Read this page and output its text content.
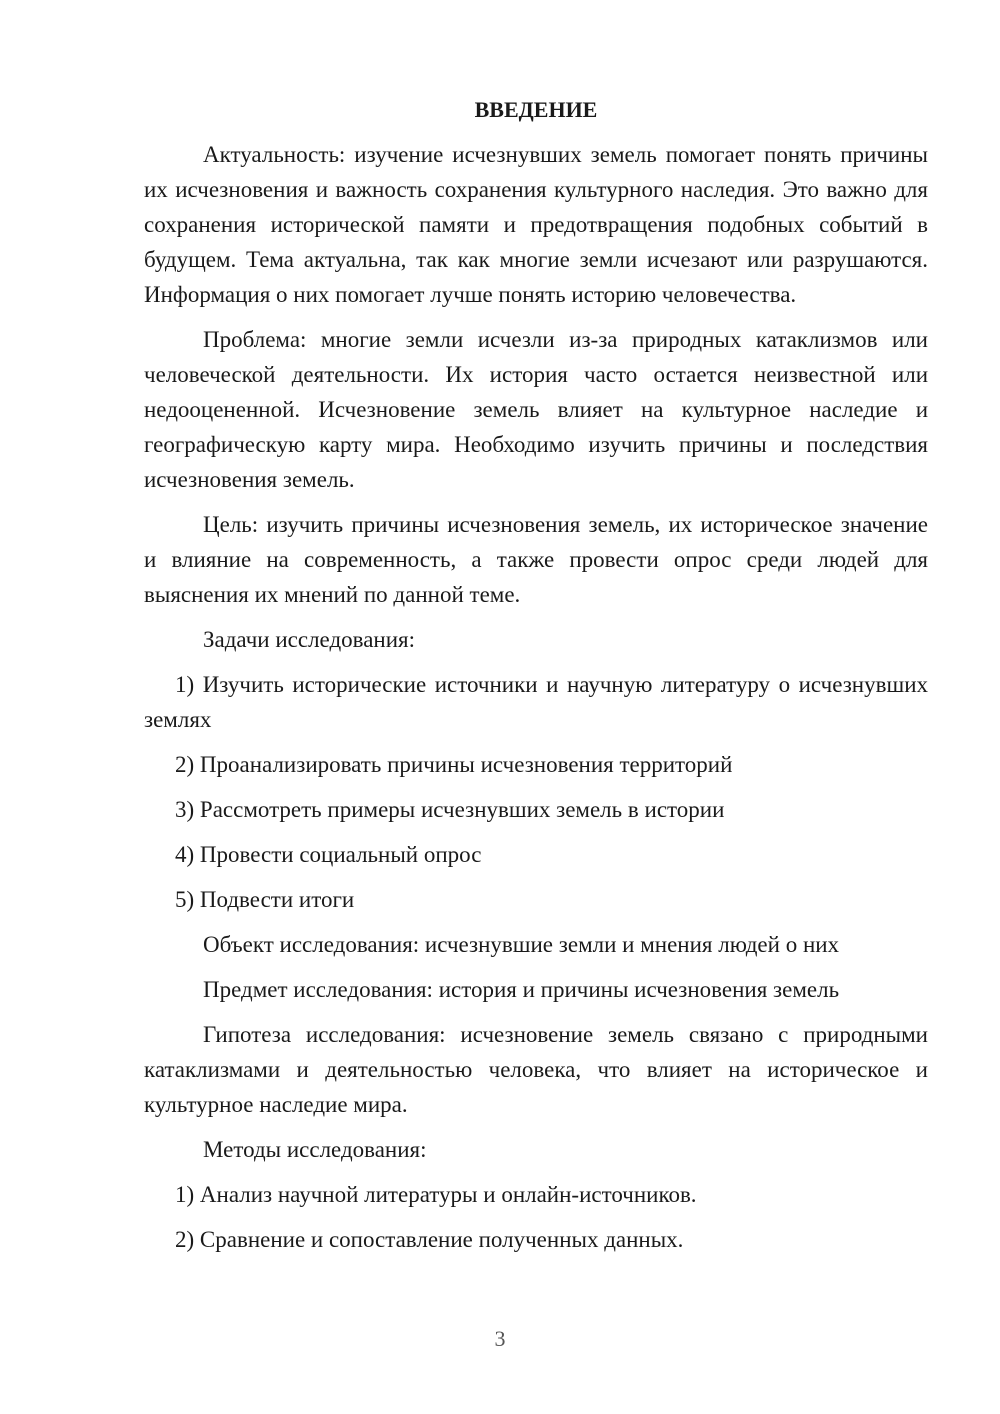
ВВЕДЕНИЕ

Актуальность: изучение исчезнувших земель помогает понять причины их исчезновения и важность сохранения культурного наследия. Это важно для сохранения исторической памяти и предотвращения подобных событий в будущем. Тема актуальна, так как многие земли исчезают или разрушаются. Информация о них помогает лучше понять историю человечества.

Проблема: многие земли исчезли из-за природных катаклизмов или человеческой деятельности. Их история часто остается неизвестной или недооцененной. Исчезновение земель влияет на культурное наследие и географическую карту мира. Необходимо изучить причины и последствия исчезновения земель.

Цель: изучить причины исчезновения земель, их историческое значение и влияние на современность, а также провести опрос среди людей для выяснения их мнений по данной теме.

Задачи исследования:

1) Изучить исторические источники и научную литературу о исчезнувших землях

2) Проанализировать причины исчезновения территорий

3) Рассмотреть примеры исчезнувших земель в истории

4) Провести социальный опрос

5) Подвести итоги

Объект исследования: исчезнувшие земли и мнения людей о них

Предмет исследования: история и причины исчезновения земель

Гипотеза исследования: исчезновение земель связано с природными катаклизмами и деятельностью человека, что влияет на историческое и культурное наследие мира.

Методы исследования:

1) Анализ научной литературы и онлайн-источников.

2) Сравнение и сопоставление полученных данных.

3
